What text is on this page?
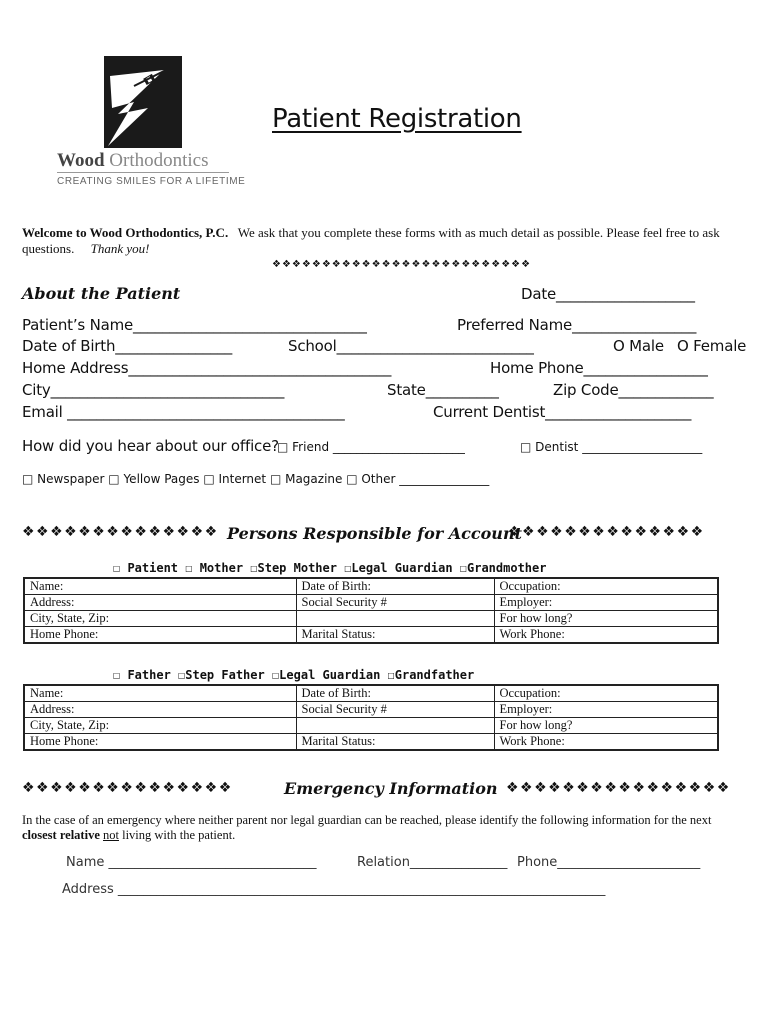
Wood Orthodontics
CREATING SMILES FOR A LIFETIME
Patient Registration
Welcome to Wood Orthodontics, P.C. We ask that you complete these forms with as much detail as possible. Please feel free to ask questions. Thank you!
❖❖❖❖❖❖❖❖❖❖❖❖❖❖❖❖❖❖❖❖❖❖❖❖❖❖
About the Patient	Date___________________
Patient’s Name________________________________	Preferred Name_________________
Date of Birth________________	School___________________________	O Male O Female
Home Address____________________________________	Home Phone_________________
City________________________________	State__________	Zip Code_____________
Email ______________________________________	Current Dentist____________________
How did you hear about our office?
□ Friend ______________________	□ Dentist ____________________
□ Newspaper □ Yellow Pages □ Internet □ Magazine □ Other _______________
❖❖❖❖❖❖❖❖❖❖❖❖❖❖ Persons Responsible for Account
❖❖❖❖❖❖❖❖❖❖❖❖❖❖
☐ Patient ☐ Mother ☐Step Mother ☐Legal Guardian ☐Grandmother
Name:	Date of Birth:	Occupation:
Address:	Social Security #	Employer:
City, State, Zip:		For how long?
Home Phone:	Marital Status:	Work Phone:
☐ Father ☐Step Father ☐Legal Guardian ☐Grandfather
Name:	Date of Birth:	Occupation:
Address:	Social Security #	Employer:
City, State, Zip:		For how long?
Home Phone:	Marital Status:	Work Phone:
❖❖❖❖❖❖❖❖❖❖❖❖❖❖❖	Emergency Information ❖❖❖❖❖❖❖❖❖❖❖❖❖❖❖❖
In the case of an emergency where neither parent nor legal guardian can be reached, please identify the following information for the next closest relative not living with the patient.
Name ________________________________	Relation_______________ Phone______________________
Address ___________________________________________________________________________
